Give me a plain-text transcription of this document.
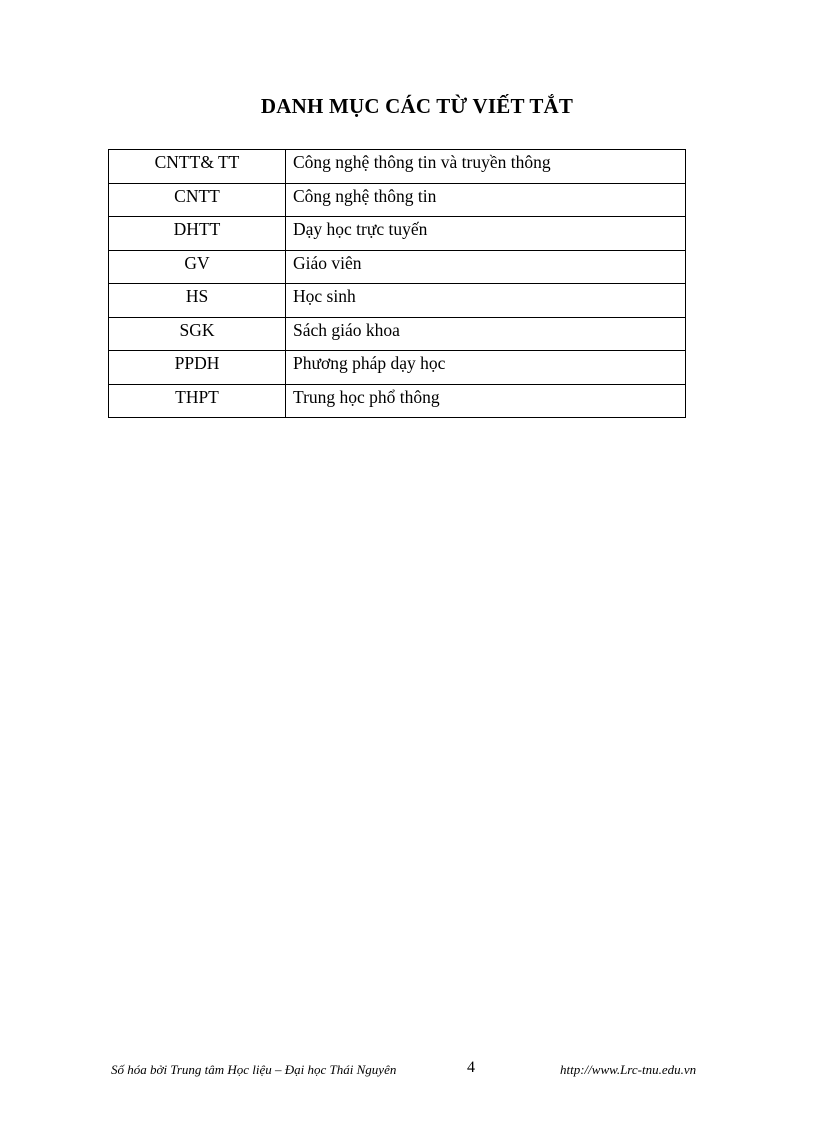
DANH MỤC CÁC TỪ VIẾT TẮT
CNTT& TT	Công nghệ thông tin và truyền thông
CNTT	Công nghệ thông tin
DHTT	Dạy học trực tuyến
GV	Giáo viên
HS	Học sinh
SGK	Sách giáo khoa
PPDH	Phương pháp dạy học
THPT	Trung học phổ thông
Số hóa bởi Trung tâm Học liệu – Đại học Thái Nguyên	4	http://www.Lrc-tnu.edu.vn
